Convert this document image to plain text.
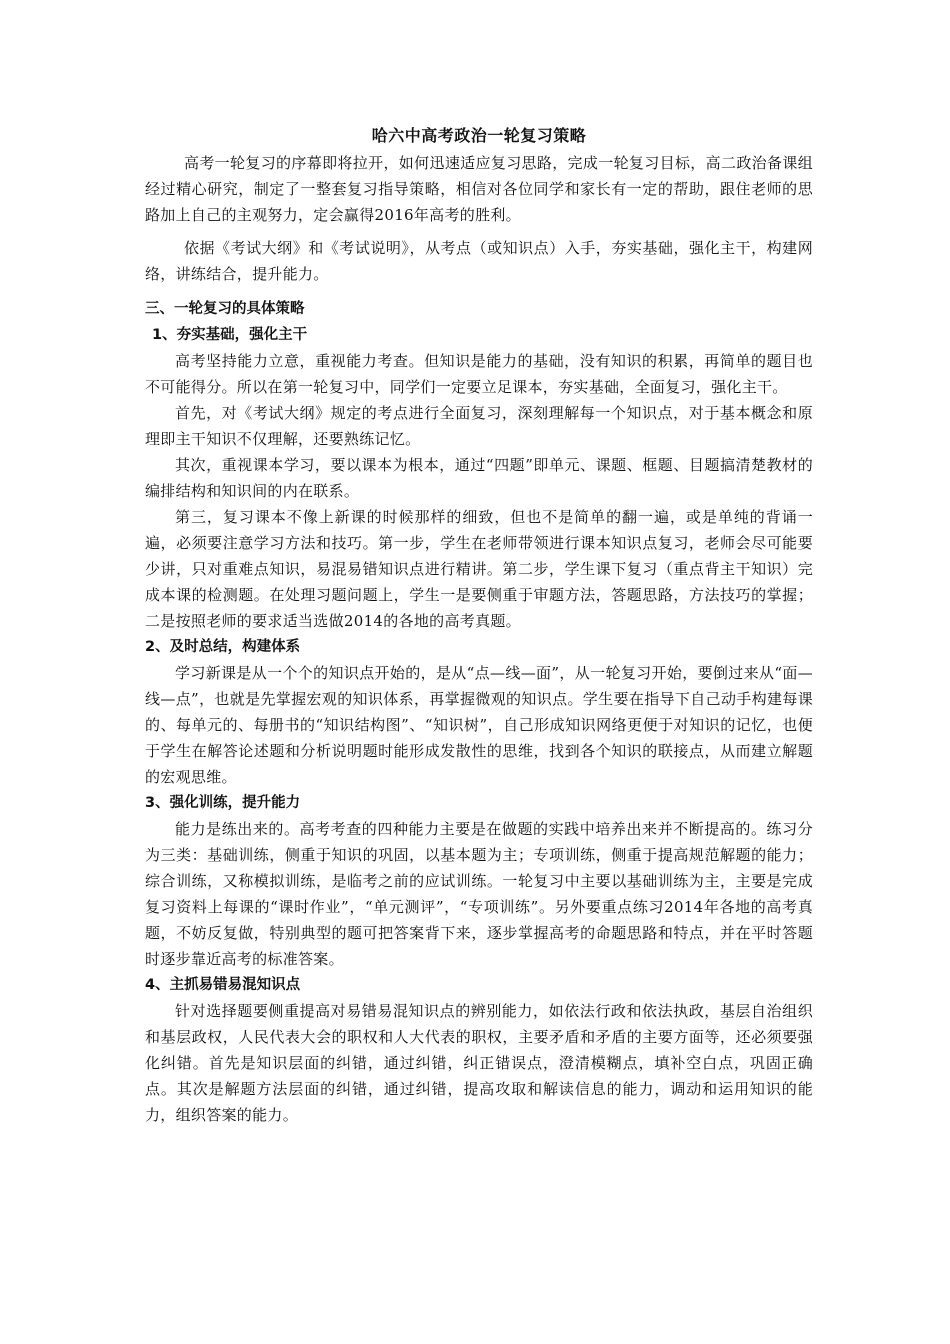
哈六中高考政治一轮复习策略

高考一轮复习的序幕即将拉开，如何迅速适应复习思路，完成一轮复习目标，高二政治备课组经过精心研究，制定了一整套复习指导策略，相信对各位同学和家长有一定的帮助，跟住老师的思路加上自己的主观努力，定会赢得2016年高考的胜利。

依据《考试大纲》和《考试说明》，从考点（或知识点）入手，夯实基础，强化主干，构建网络，讲练结合，提升能力。

三、一轮复习的具体策略
1、夯实基础，强化主干

高考坚持能力立意，重视能力考查。但知识是能力的基础，没有知识的积累，再简单的题目也不可能得分。所以在第一轮复习中，同学们一定要立足课本，夯实基础，全面复习，强化主干。

首先，对《考试大纲》规定的考点进行全面复习，深刻理解每一个知识点，对于基本概念和原理即主干知识不仅理解，还要熟练记忆。

其次，重视课本学习，要以课本为根本，通过“四题”即单元、课题、框题、目题搞清楚教材的编排结构和知识间的内在联系。

第三，复习课本不像上新课的时候那样的细致，但也不是简单的翻一遍，或是单纯的背诵一遍，必须要注意学习方法和技巧。第一步，学生在老师带领进行课本知识点复习，老师会尽可能要少讲，只对重难点知识，易混易错知识点进行精讲。第二步，学生课下复习（重点背主干知识）完成本课的检测题。在处理习题问题上，学生一是要侧重于审题方法，答题思路，方法技巧的掌握；二是按照老师的要求适当选做2014的各地的高考真题。

2、及时总结，构建体系

学习新课是从一个个的知识点开始的，是从“点—线—面”，从一轮复习开始，要倒过来从“面—线—点”，也就是先掌握宏观的知识体系，再掌握微观的知识点。学生要在指导下自己动手构建每课的、每单元的、每册书的“知识结构图”、“知识树”，自己形成知识网络更便于对知识的记忆，也便于学生在解答论述题和分析说明题时能形成发散性的思维，找到各个知识的联接点，从而建立解题的宏观思维。

3、强化训练，提升能力

能力是练出来的。高考考查的四种能力主要是在做题的实践中培养出来并不断提高的。练习分为三类：基础训练，侧重于知识的巩固，以基本题为主；专项训练，侧重于提高规范解题的能力；综合训练，又称模拟训练，是临考之前的应试训练。一轮复习中主要以基础训练为主，主要是完成复习资料上每课的“课时作业”，“单元测评”，“专项训练”。另外要重点练习2014年各地的高考真题，不妨反复做，特别典型的题可把答案背下来，逐步掌握高考的命题思路和特点，并在平时答题时逐步靠近高考的标准答案。

4、主抓易错易混知识点

针对选择题要侧重提高对易错易混知识点的辨别能力，如依法行政和依法执政，基层自治组织和基层政权，人民代表大会的职权和人大代表的职权，主要矛盾和矛盾的主要方面等，还必须要强化纠错。首先是知识层面的纠错，通过纠错，纠正错误点，澄清模糊点，填补空白点，巩固正确点。其次是解题方法层面的纠错，通过纠错，提高攻取和解读信息的能力，调动和运用知识的能力，组织答案的能力。
